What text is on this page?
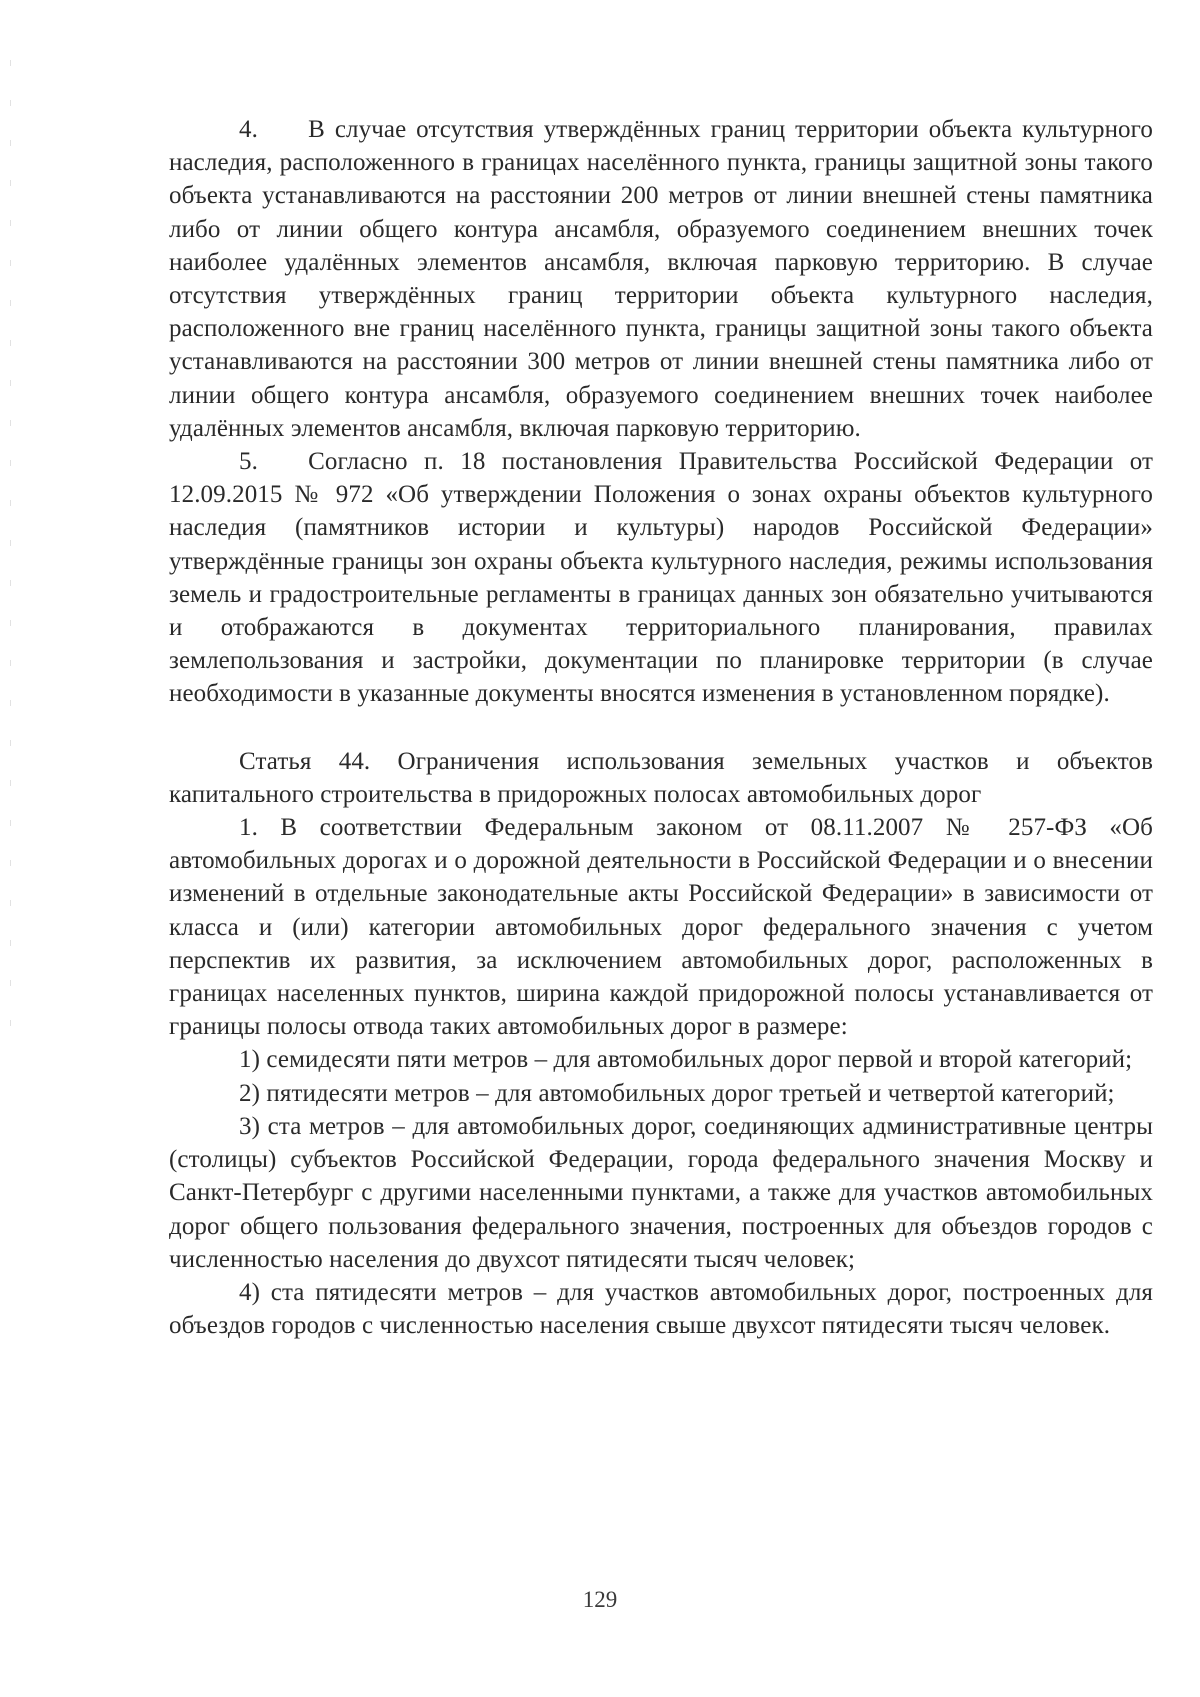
4.  В случае отсутствия утверждённых границ территории объекта культурного наследия, расположенного в границах населённого пункта, границы защитной зоны такого объекта устанавливаются на расстоянии 200 метров от линии внешней стены памятника либо от линии общего контура ансамбля, образуемого соединением внешних точек наиболее удалённых элементов ансамбля, включая парковую территорию. В случае отсутствия утверждённых границ территории объекта культурного наследия, расположенного вне границ населённого пункта, границы защитной зоны такого объекта устанавливаются на расстоянии 300 метров от линии внешней стены памятника либо от линии общего контура ансамбля, образуемого соединением внешних точек наиболее удалённых элементов ансамбля, включая парковую территорию.

5.  Согласно п. 18 постановления Правительства Российской Федерации от 12.09.2015 № 972 «Об утверждении Положения о зонах охраны объектов культурного наследия (памятников истории и культуры) народов Российской Федерации» утверждённые границы зон охраны объекта культурного наследия, режимы использования земель и градостроительные регламенты в границах данных зон обязательно учитываются и отображаются в документах территориального планирования, правилах землепользования и застройки, документации по планировке территории (в случае необходимости в указанные документы вносятся изменения в установленном порядке).

Статья 44. Ограничения использования земельных участков и объектов капитального строительства в придорожных полосах автомобильных дорог

1. В соответствии Федеральным законом от 08.11.2007 № 257-ФЗ «Об автомобильных дорогах и о дорожной деятельности в Российской Федерации и о внесении изменений в отдельные законодательные акты Российской Федерации» в зависимости от класса и (или) категории автомобильных дорог федерального значения с учетом перспектив их развития, за исключением автомобильных дорог, расположенных в границах населенных пунктов, ширина каждой придорожной полосы устанавливается от границы полосы отвода таких автомобильных дорог в размере:

1) семидесяти пяти метров – для автомобильных дорог первой и второй категорий;

2) пятидесяти метров – для автомобильных дорог третьей и четвертой категорий;

3) ста метров – для автомобильных дорог, соединяющих административные центры (столицы) субъектов Российской Федерации, города федерального значения Москву и Санкт-Петербург с другими населенными пунктами, а также для участков автомобильных дорог общего пользования федерального значения, построенных для объездов городов с численностью населения до двухсот пятидесяти тысяч человек;

4) ста пятидесяти метров – для участков автомобильных дорог, построенных для объездов городов с численностью населения свыше двухсот пятидесяти тысяч человек.

129
